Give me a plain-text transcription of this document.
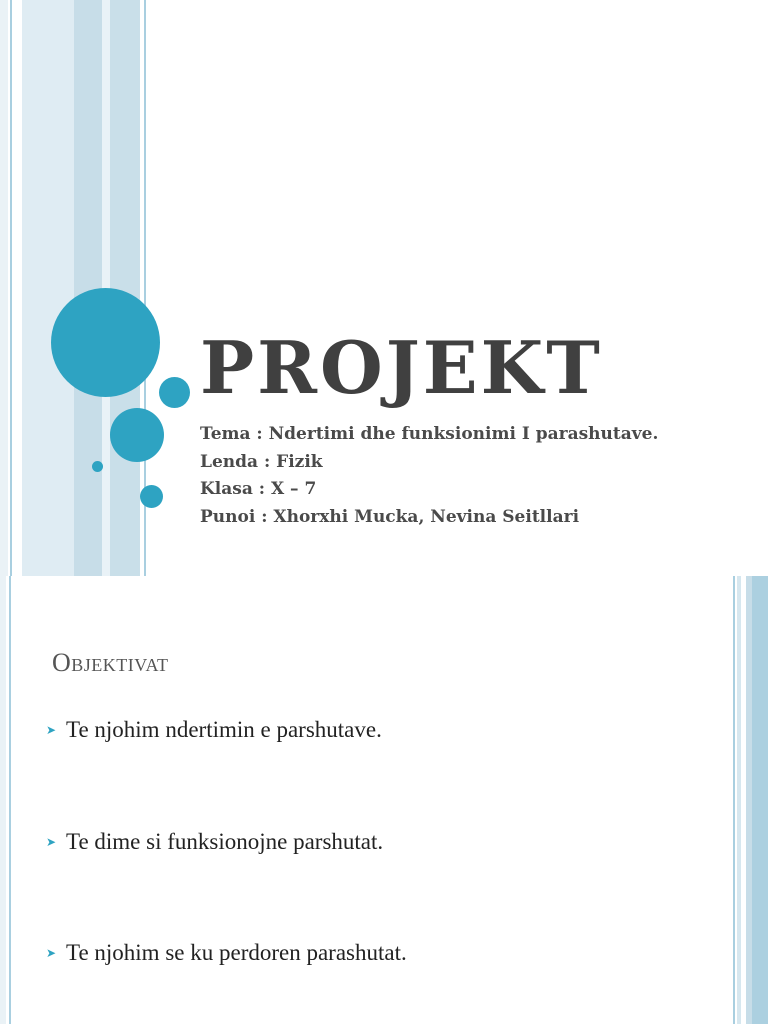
PROJEKT
Tema : Ndertimi dhe funksionimi I parashutave.
Lenda : Fizik
Klasa : X – 7
Punoi : Xhorxhi Mucka, Nevina Seitllari
Objektivat
➤ Te njohim ndertimin e parshutave.
➤ Te dime si funksionojne parshutat.
➤ Te njohim se ku perdoren parashutat.
